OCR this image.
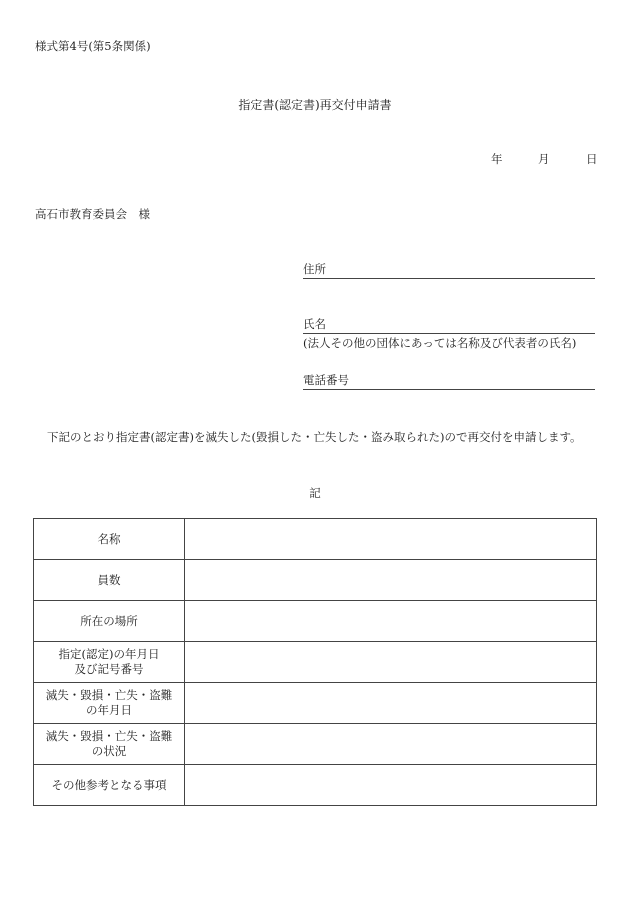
様式第4号(第5条関係)
指定書(認定書)再交付申請書
年	月	日
高石市教育委員会　様
住所
氏名
(法人その他の団体にあっては名称及び代表者の氏名)
電話番号
下記のとおり指定書(認定書)を滅失した(毀損した・亡失した・盗み取られた)ので再交付を申請します。
記
名称	

員数	

所在の場所	

指定(認定)の年月日
及び記号番号	

滅失・毀損・亡失・盗難
の年月日	

滅失・毀損・亡失・盗難
の状況	

その他参考となる事項	
